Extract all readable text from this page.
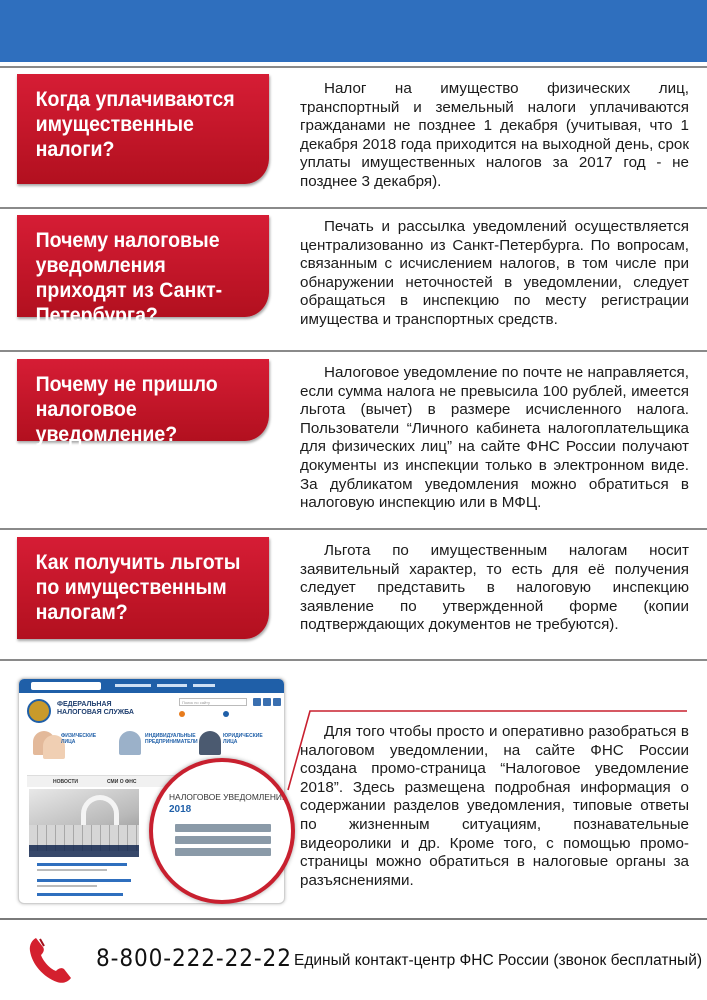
Когда уплачиваются имущественные налоги?
Налог на имущество физических лиц, транспортный и земельный налоги уплачиваются гражданами не позднее 1 декабря (учитывая, что 1 декабря 2018 года приходится на выходной день, срок уплаты имущественных налогов за 2017 год - не позднее 3 декабря).
Почему налоговые уведомления приходят из Санкт-Петербурга?
Печать и рассылка уведомлений осуществляется централизованно из Санкт-Петербурга. По вопросам, связанным с исчислением налогов, в том числе при обнаружении неточностей в уведомлении, следует обращаться в инспекцию по месту регистрации имущества и транспортных средств.
Почему не пришло налоговое уведомление?
Налоговое уведомление по почте не направляется, если сумма налога не превысила 100 рублей, имеется льгота (вычет) в размере исчисленного налога. Пользователи “Личного кабинета налогоплательщика для физических лиц” на сайте ФНС России получают документы из инспекции только в электронном виде. За дубликатом уведомления можно обратиться в налоговую инспекцию или в МФЦ.
Как получить льготы по имущественным налогам?
Льгота по имущественным налогам носит заявительный характер, то есть для её получения следует представить в налоговую инспекцию заявление по утвержденной форме (копии подтверждающих документов не требуются).
ФЕДЕРАЛЬНАЯ НАЛОГОВАЯ СЛУЖБА
Поиск по сайту
ФИЗИЧЕСКИЕ ЛИЦА
ИНДИВИДУАЛЬНЫЕ ПРЕДПРИНИМАТЕЛИ
ЮРИДИЧЕСКИЕ ЛИЦА
НОВОСТИ	СМИ О ФНС
НАЛОГОВОЕ УВЕДОМЛЕНИЕ
2018
Для того чтобы просто и оперативно разобраться в налоговом уведомлении, на сайте ФНС России создана промо-страница “Налоговое уведомление 2018”. Здесь размещена подробная информация о содержании разделов уведомления, типовые ответы по жизненным ситуациям, познавательные видеоролики и др. Кроме того, с помощью промо-страницы можно обратиться в налоговые органы за разъяснениями.
8-800-222-22-22 Единый контакт-центр ФНС России (звонок бесплатный)
